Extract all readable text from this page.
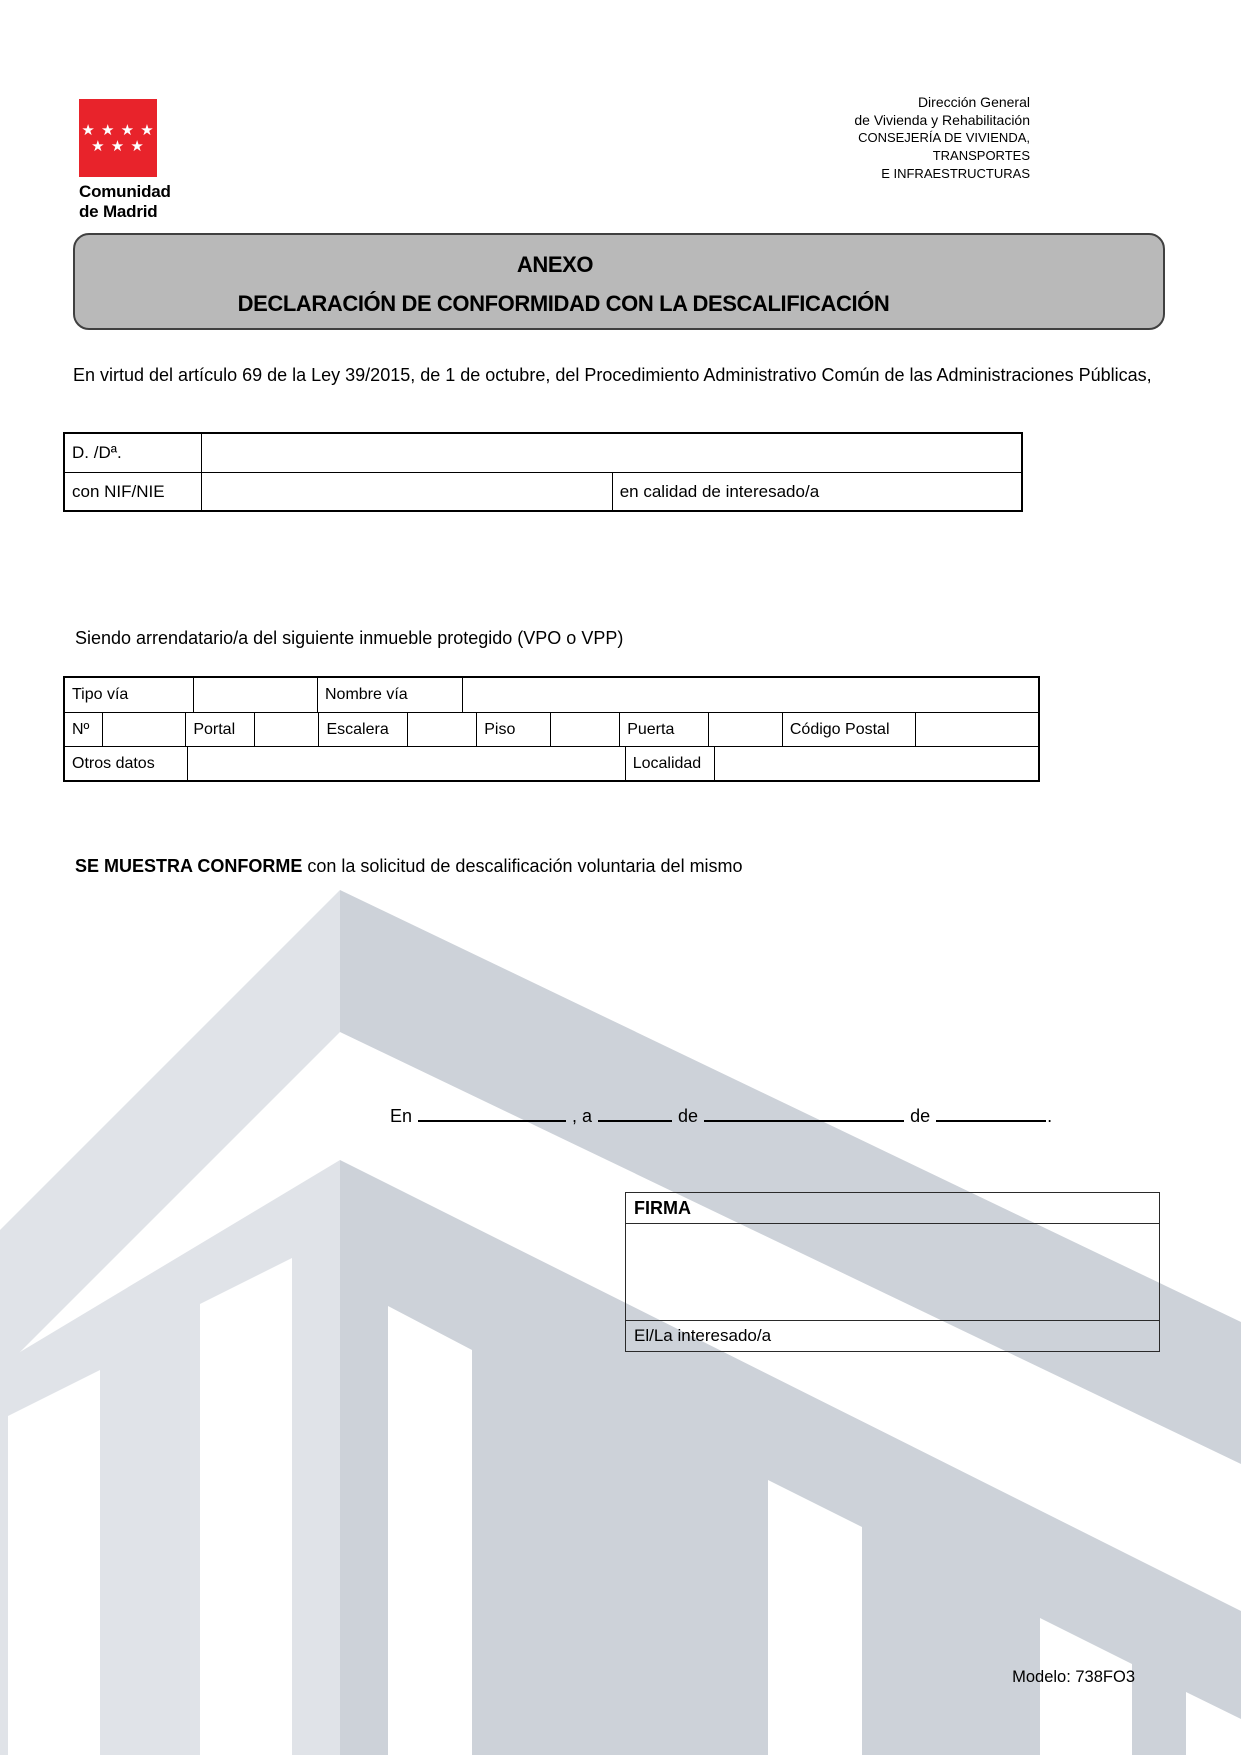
★ ★ ★ ★
★ ★ ★
Comunidad
de Madrid
Dirección General
de Vivienda y Rehabilitación
CONSEJERÍA DE VIVIENDA,
TRANSPORTES
E INFRAESTRUCTURAS
ANEXO
DECLARACIÓN DE CONFORMIDAD CON LA DESCALIFICACIÓN
En virtud del artículo 69 de la Ley 39/2015, de 1 de octubre, del Procedimiento Administrativo Común de las Administraciones Públicas,
D. /Dª.
con NIF/NIE	en calidad de interesado/a
Siendo arrendatario/a del siguiente inmueble protegido (VPO o VPP)
Tipo vía	Nombre vía
Nº	Portal	Escalera	Piso	Puerta	Código Postal
Otros datos	Localidad
SE MUESTRA CONFORME con la solicitud de descalificación voluntaria del mismo
En	, a	de	de	.
FIRMA
El/La interesado/a
Modelo: 738FO3
